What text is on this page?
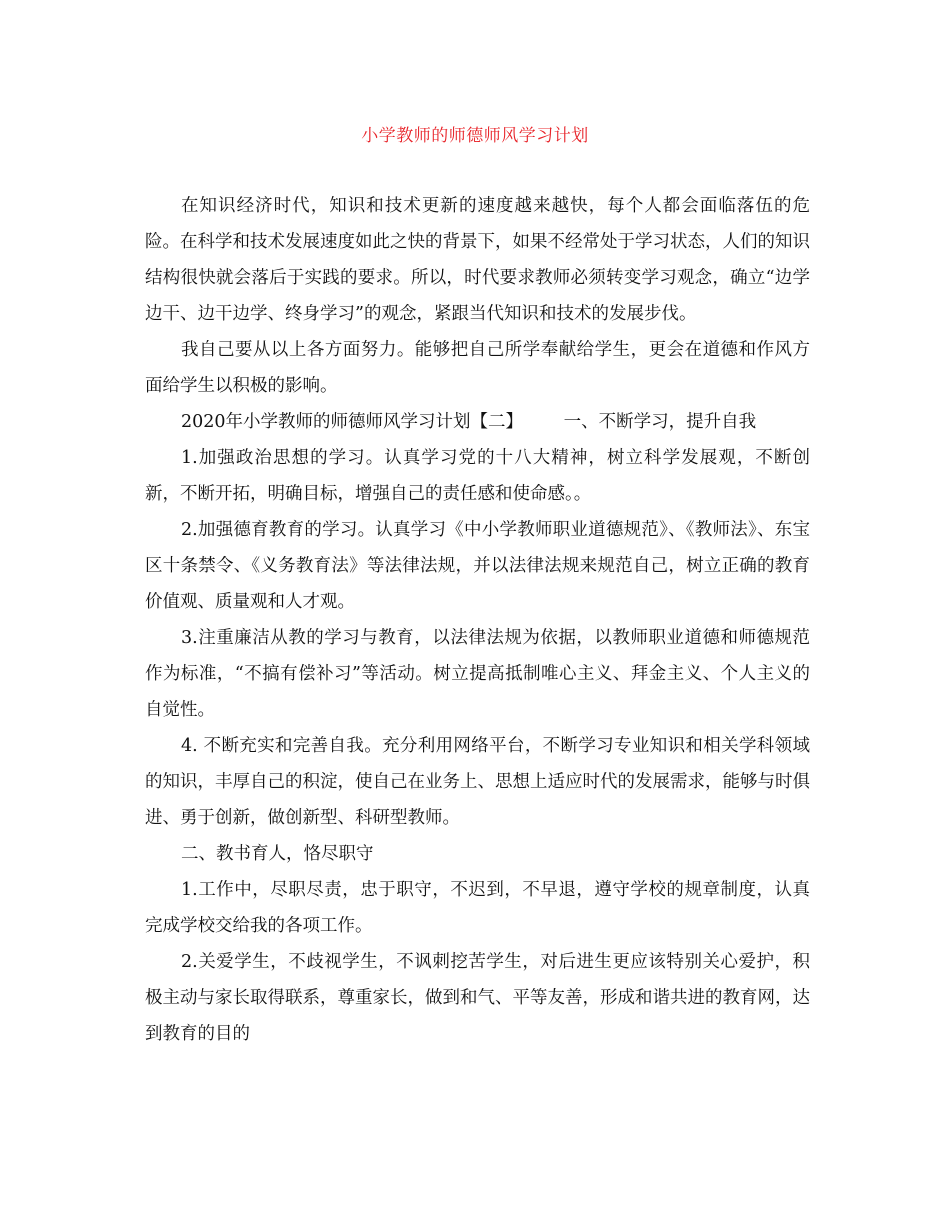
小学教师的师德师风学习计划

在知识经济时代，知识和技术更新的速度越来越快，每个人都会面临落伍的危险。在科学和技术发展速度如此之快的背景下，如果不经常处于学习状态，人们的知识结构很快就会落后于实践的要求。所以，时代要求教师必须转变学习观念，确立“边学边干、边干边学、终身学习”的观念，紧跟当代知识和技术的发展步伐。

我自己要从以上各方面努力。能够把自己所学奉献给学生，更会在道德和作风方面给学生以积极的影响。

2020年小学教师的师德师风学习计划【二】 　　一、不断学习，提升自我

1.加强政治思想的学习。认真学习党的十八大精神，树立科学发展观，不断创新，不断开拓，明确目标，增强自己的责任感和使命感。。

2.加强德育教育的学习。认真学习《中小学教师职业道德规范》、《教师法》、东宝区十条禁令、《义务教育法》等法律法规，并以法律法规来规范自己，树立正确的教育价值观、质量观和人才观。

3.注重廉洁从教的学习与教育，以法律法规为依据，以教师职业道德和师德规范作为标准，“不搞有偿补习”等活动。树立提高抵制唯心主义、拜金主义、个人主义的自觉性。

4. 不断充实和完善自我。充分利用网络平台，不断学习专业知识和相关学科领域的知识，丰厚自己的积淀，使自己在业务上、思想上适应时代的发展需求，能够与时俱进、勇于创新，做创新型、科研型教师。

二、教书育人，恪尽职守

1.工作中，尽职尽责，忠于职守，不迟到，不早退，遵守学校的规章制度，认真完成学校交给我的各项工作。

2.关爱学生，不歧视学生，不讽刺挖苦学生，对后进生更应该特别关心爱护，积极主动与家长取得联系，尊重家长，做到和气、平等友善，形成和谐共进的教育网，达到教育的目的
